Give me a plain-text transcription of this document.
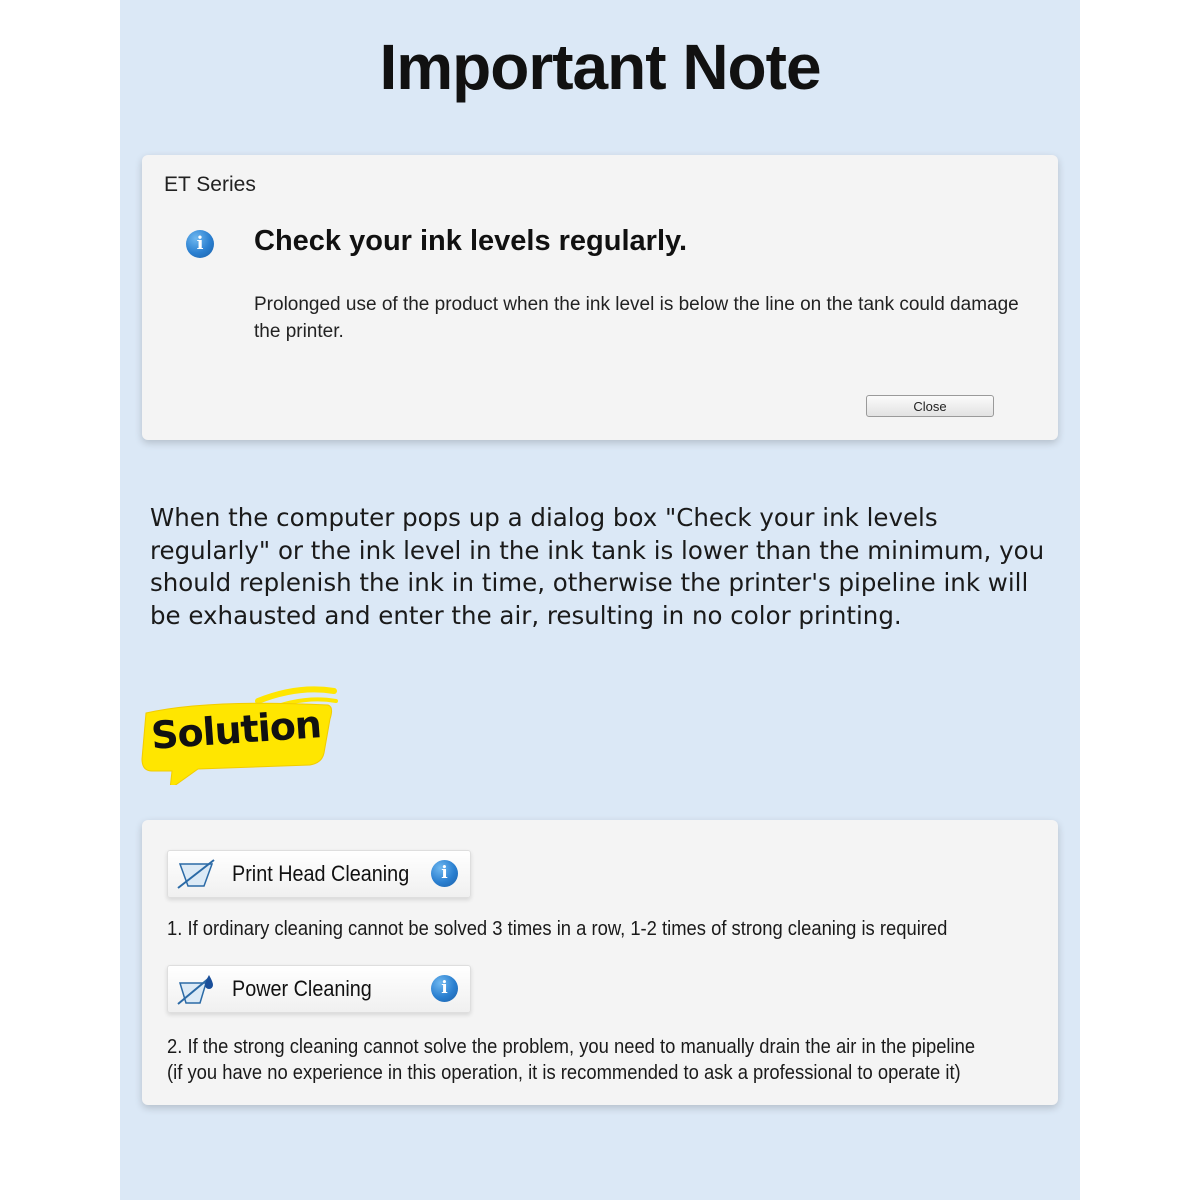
Important Note
ET Series
i	Check your ink levels regularly.
Prolonged use of the product when the ink level is below the line on the tank could damage the printer.
Close
When the computer pops up a dialog box "Check your ink levels regularly" or the ink level in the ink tank is lower than the minimum, you should replenish the ink in time, otherwise the printer's pipeline ink will be exhausted and enter the air, resulting in no color printing.
Solution
Print Head Cleaning	i
1. If ordinary cleaning cannot be solved 3 times in a row, 1-2 times of strong cleaning is required
Power Cleaning	i
2. If the strong cleaning cannot solve the problem, you need to manually drain the air in the pipeline (if you have no experience in this operation, it is recommended to ask a professional to operate it)
